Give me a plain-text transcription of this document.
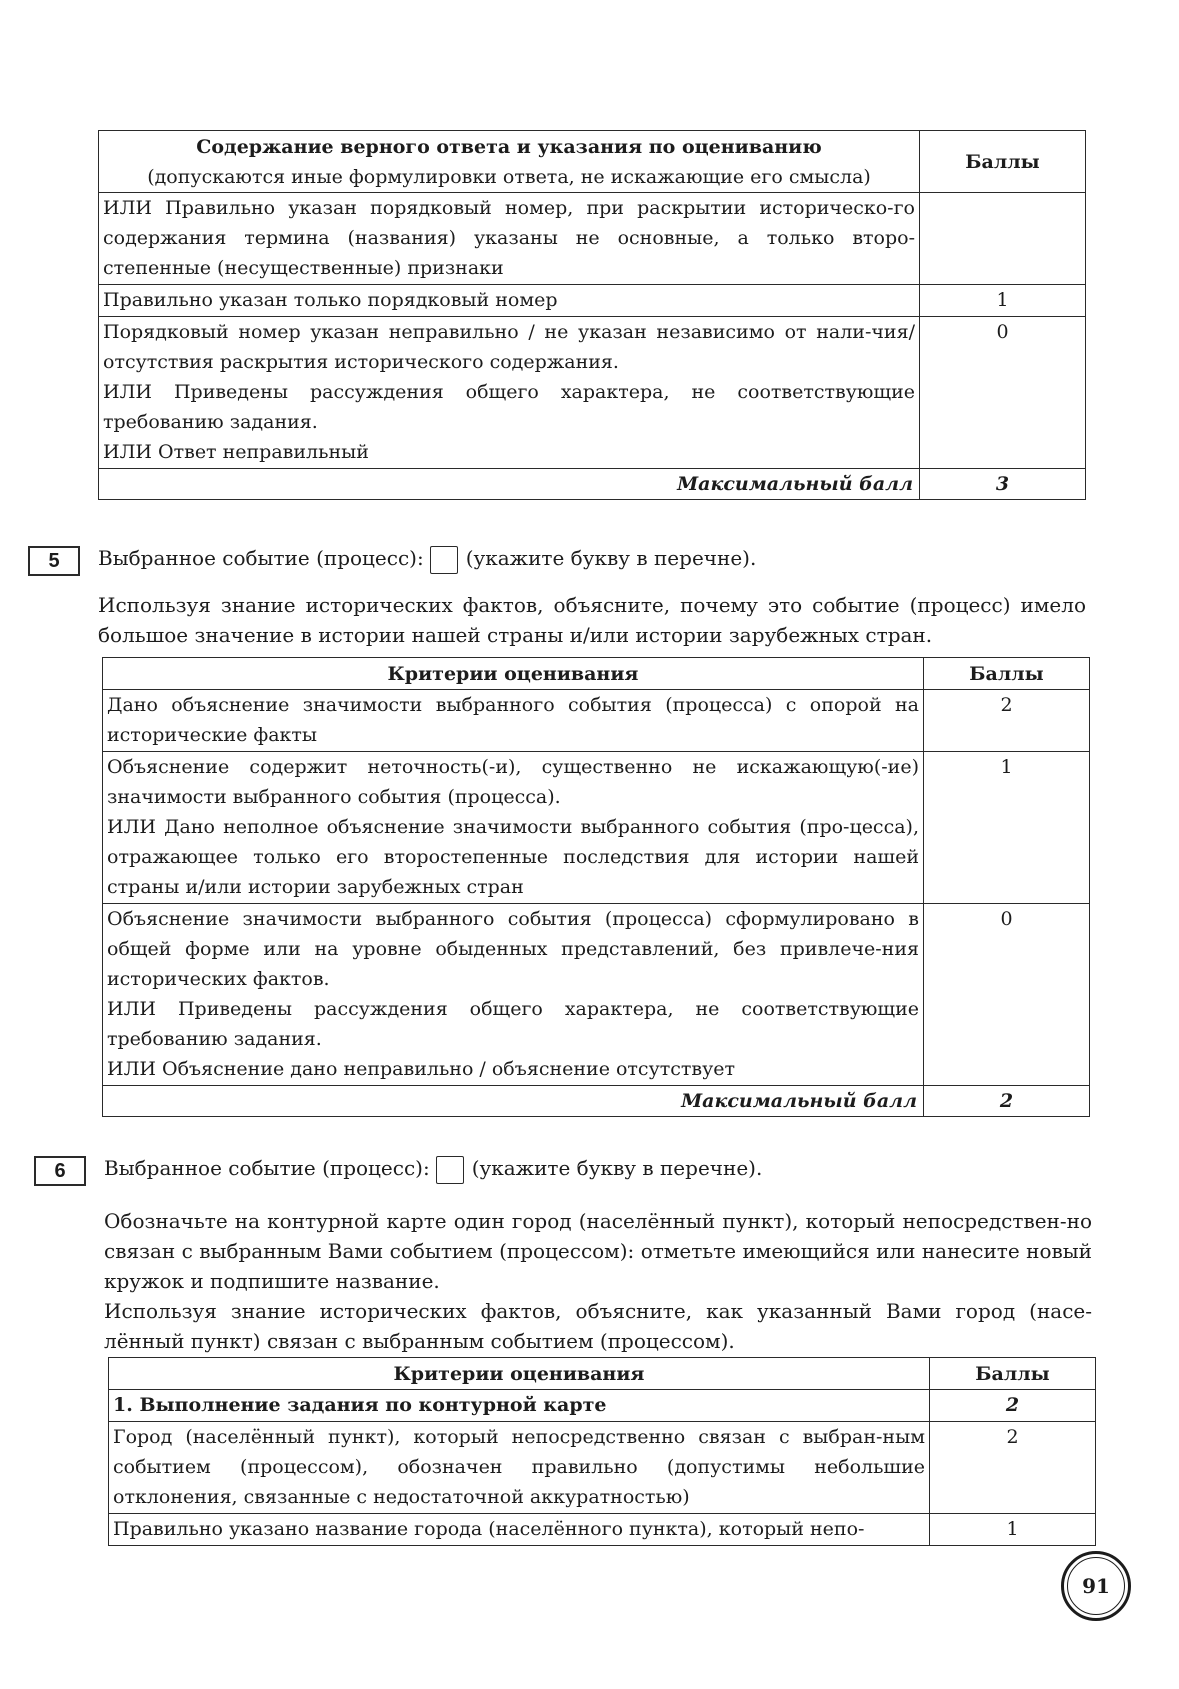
Содержание верного ответа и указания по оцениванию
(допускаются иные формулировки ответа, не искажающие его смысла)	Баллы
ИЛИ Правильно указан порядковый номер, при раскрытии историческо-го содержания термина (названия) указаны не основные, а только второ-степенные (несущественные) признаки	
Правильно указан только порядковый номер	1

Порядковый номер указан неправильно / не указан независимо от нали-чия/отсутствия раскрытия исторического содержания.
ИЛИ Приведены рассуждения общего характера, не соответствующие требованию задания.
ИЛИ Ответ неправильный	0
Максимальный балл	3
5	Выбранное событие (процесс): (укажите букву в перечне).
Используя знание исторических фактов, объясните, почему это событие (процесс) имело большое значение в истории нашей страны и/или истории зарубежных стран.
Критерии оценивания	Баллы

Дано объяснение значимости выбранного события (процесса) с опорой на исторические факты	2

Объяснение содержит неточность(-и), существенно не искажающую(-ие) значимости выбранного события (процесса).
ИЛИ Дано неполное объяснение значимости выбранного события (про-цесса), отражающее только его второстепенные последствия для истории нашей страны и/или истории зарубежных стран	1

Объяснение значимости выбранного события (процесса) сформулировано в общей форме или на уровне обыденных представлений, без привлече-ния исторических фактов.
ИЛИ Приведены рассуждения общего характера, не соответствующие требованию задания.
ИЛИ Объяснение дано неправильно / объяснение отсутствует	0
Максимальный балл	2
6	Выбранное событие (процесс): (укажите букву в перечне).
Обозначьте на контурной карте один город (населённый пункт), который непосредствен-но связан с выбранным Вами событием (процессом): отметьте имеющийся или нанесите новый кружок и подпишите название.
Используя знание исторических фактов, объясните, как указанный Вами город (насе-лённый пункт) связан с выбранным событием (процессом).
Критерии оценивания	Баллы
1. Выполнение задания по контурной карте	2
Город (населённый пункт), который непосредственно связан с выбран-ным событием (процессом), обозначен правильно (допустимы небольшие отклонения, связанные с недостаточной аккуратностью)	2
Правильно указано название города (населённого пункта), который непо-	1
91
